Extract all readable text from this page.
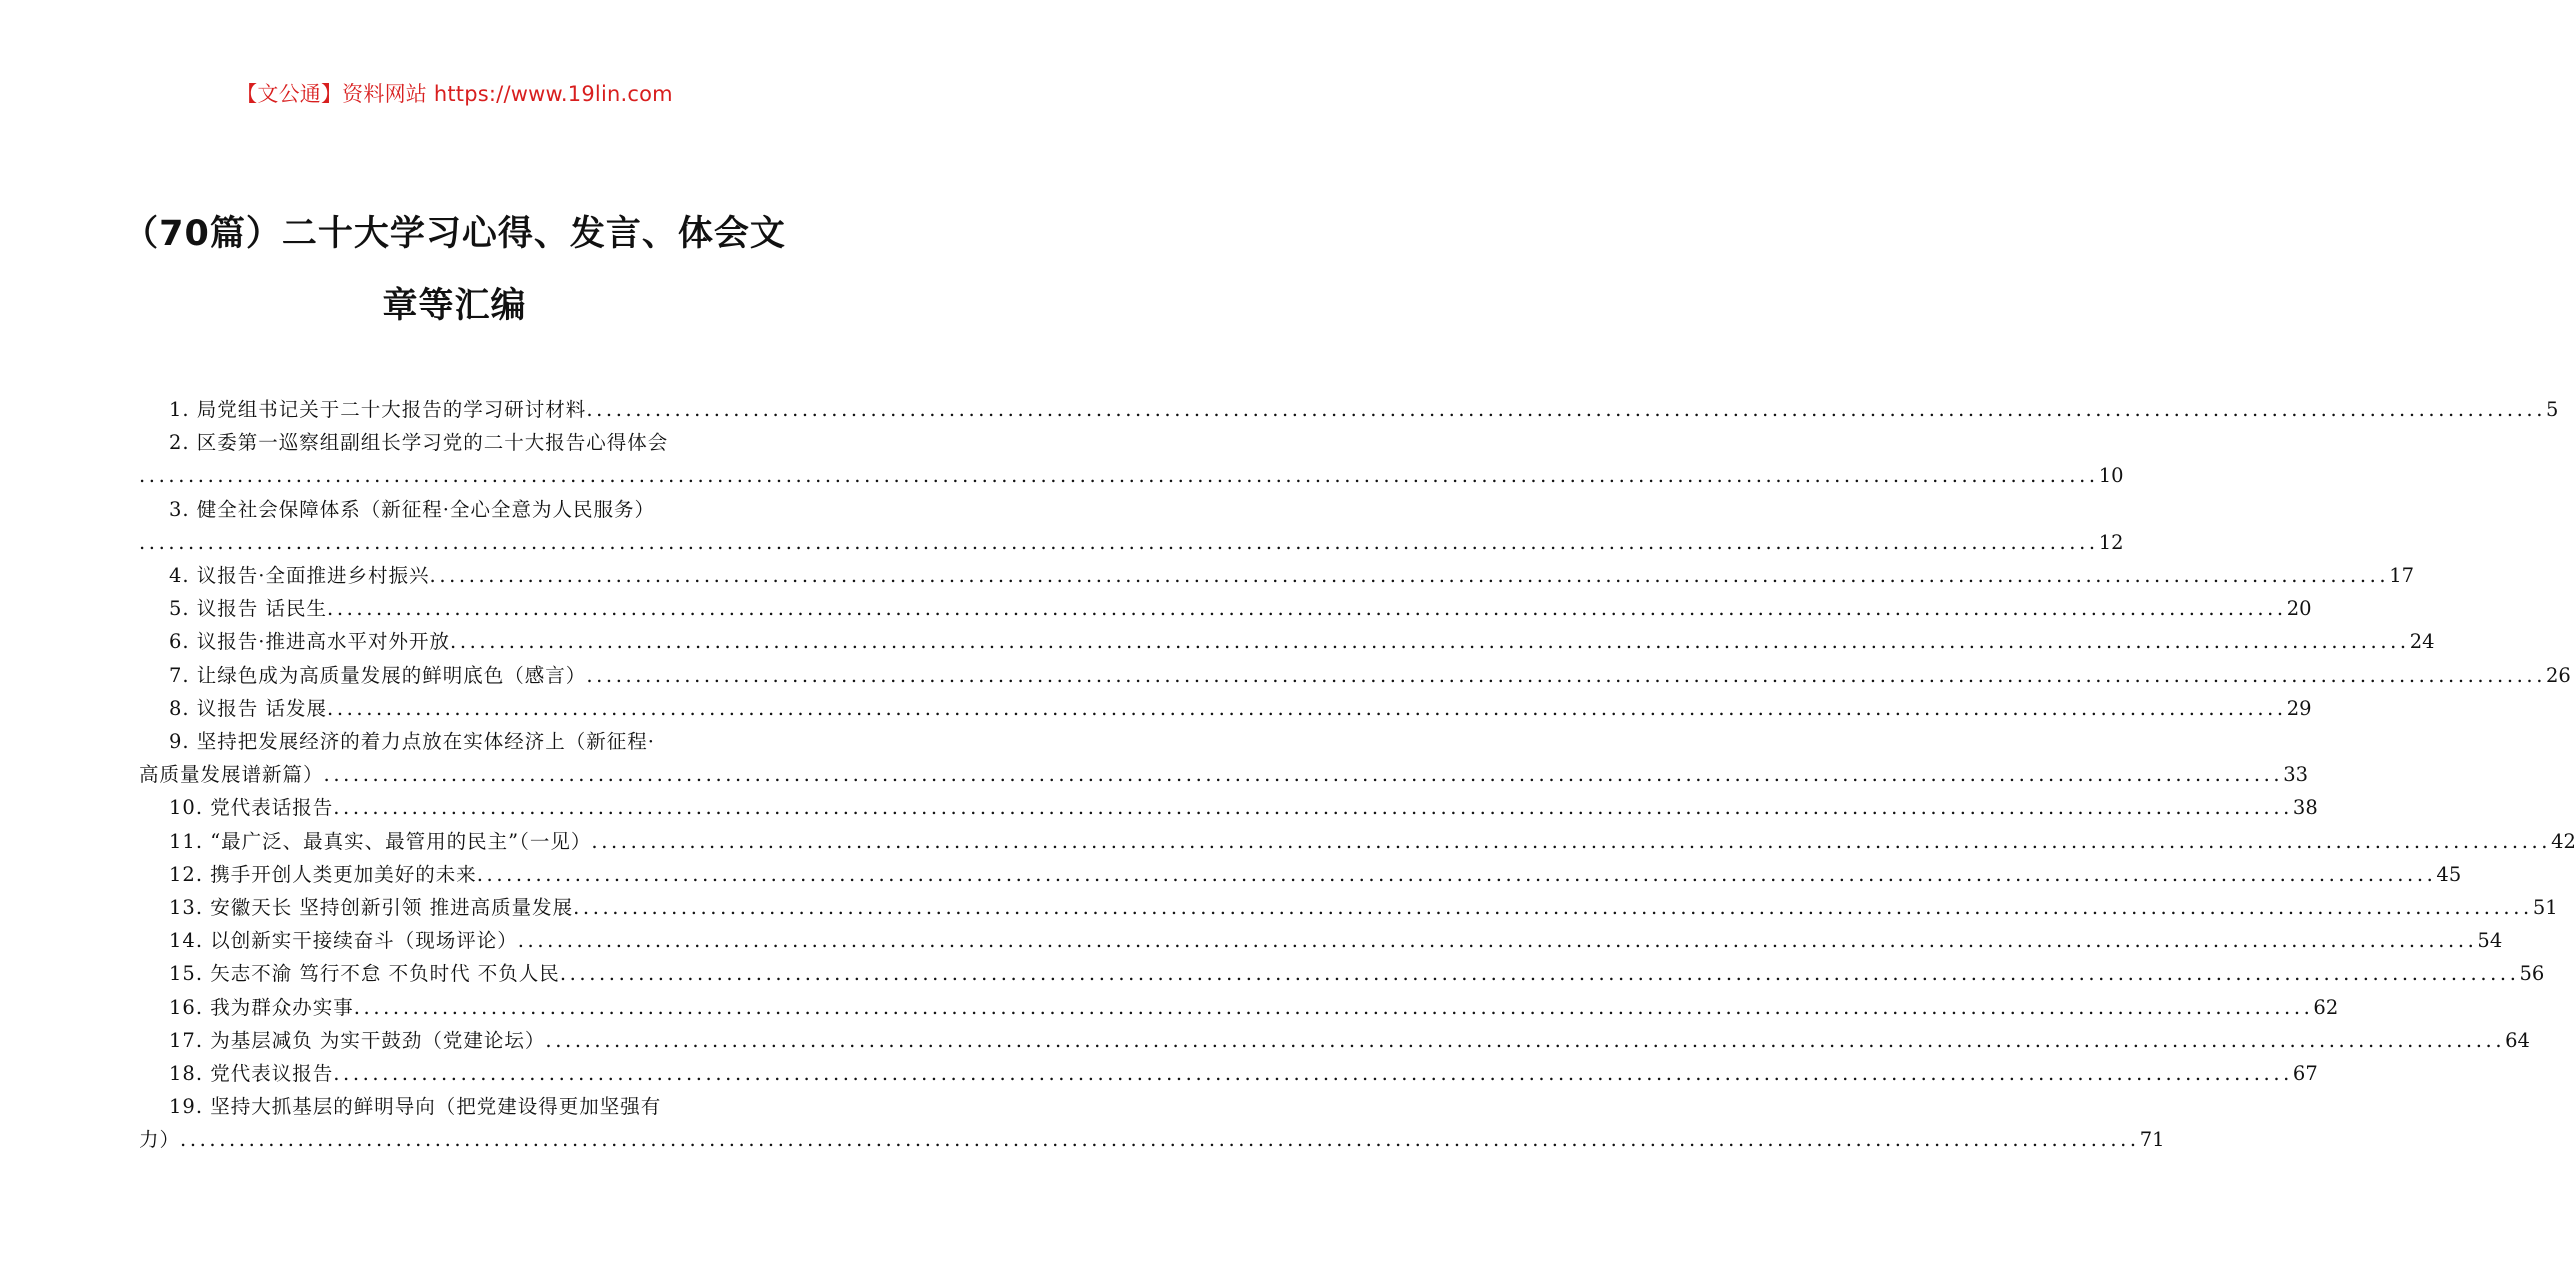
【文公通】资料网站 https://www.19lin.com
（70篇）二十大学习心得、发言、体会文章等汇编
1. 局党组书记关于二十大报告的学习研讨材料 ........................................................................................................................................................................................................ 5
2. 区委第一巡察组副组长学习党的二十大报告心得体会
........................................................................................................................................................................................................ 10
3. 健全社会保障体系（新征程·全心全意为人民服务）
........................................................................................................................................................................................................ 12
4. 议报告·全面推进乡村振兴 ........................................................................................................................................................................................................ 17
5. 议报告 话民生 ........................................................................................................................................................................................................ 20
6. 议报告·推进高水平对外开放 ........................................................................................................................................................................................................ 24
7. 让绿色成为高质量发展的鲜明底色（感言） ........................................................................................................................................................................................................ 26
8. 议报告 话发展 ........................................................................................................................................................................................................ 29
9. 坚持把发展经济的着力点放在实体经济上（新征程·
高质量发展谱新篇） ........................................................................................................................................................................................................ 33
10. 党代表话报告 ........................................................................................................................................................................................................ 38
11. “最广泛、最真实、最管用的民主”（一见） ........................................................................................................................................................................................................ 42
12. 携手开创人类更加美好的未来 ........................................................................................................................................................................................................ 45
13. 安徽天长 坚持创新引领 推进高质量发展 ........................................................................................................................................................................................................ 51
14. 以创新实干接续奋斗（现场评论） ........................................................................................................................................................................................................ 54
15. 矢志不渝 笃行不怠 不负时代 不负人民 ........................................................................................................................................................................................................ 56
16. 我为群众办实事 ........................................................................................................................................................................................................ 62
17. 为基层减负 为实干鼓劲（党建论坛） ........................................................................................................................................................................................................ 64
18. 党代表议报告 ........................................................................................................................................................................................................ 67
19. 坚持大抓基层的鲜明导向（把党建设得更加坚强有
力） ........................................................................................................................................................................................................ 71
